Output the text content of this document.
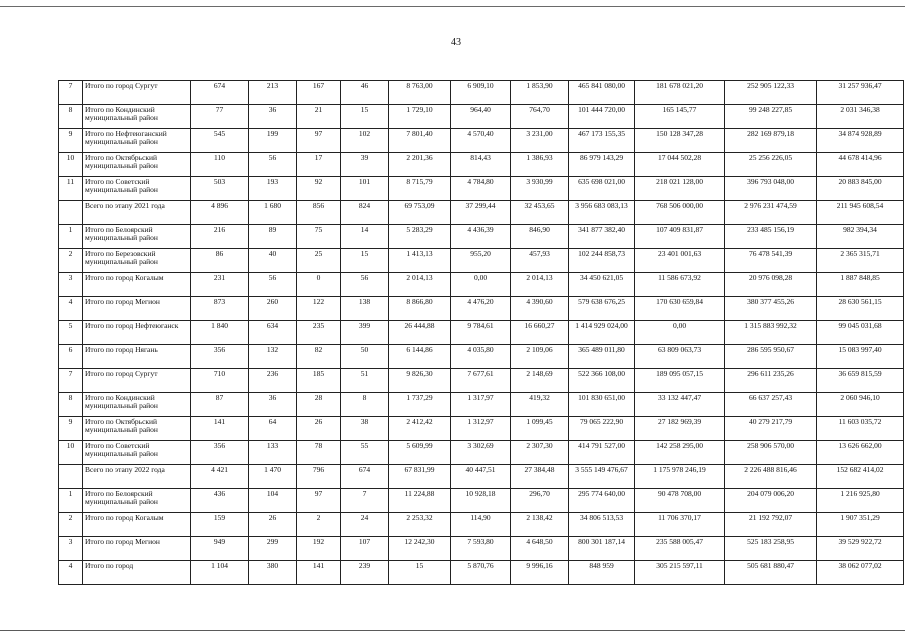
43
7	Итого по город Сургут	674	213	167	46	8 763,00	6 909,10	1 853,90	465 841 080,00	181 678 021,20	252 905 122,33	31 257 936,47
8	Итого по Кондинский муниципальный район	77	36	21	15	1 729,10	964,40	764,70	101 444 720,00	165 145,77	99 248 227,85	2 031 346,38
9	Итого по Нефтеюганский муниципальный район	545	199	97	102	7 801,40	4 570,40	3 231,00	467 173 155,35	150 128 347,28	282 169 879,18	34 874 928,89
10	Итого по Октябрьский муниципальный район	110	56	17	39	2 201,36	814,43	1 386,93	86 979 143,29	17 044 502,28	25 256 226,05	44 678 414,96
11	Итого по Советский муниципальный район	503	193	92	101	8 715,79	4 784,80	3 930,99	635 698 021,00	218 021 128,00	396 793 048,00	20 883 845,00
	Всего по этапу 2021 года	4 896	1 680	856	824	69 753,09	37 299,44	32 453,65	3 956 683 083,13	768 506 000,00	2 976 231 474,59	211 945 608,54
1	Итого по Белоярский муниципальный район	216	89	75	14	5 283,29	4 436,39	846,90	341 877 382,40	107 409 831,87	233 485 156,19	982 394,34
2	Итого по Березовский муниципальный район	86	40	25	15	1 413,13	955,20	457,93	102 244 858,73	23 401 001,63	76 478 541,39	2 365 315,71
3	Итого по город Когалым	231	56	0	56	2 014,13	0,00	2 014,13	34 450 621,05	11 586 673,92	20 976 098,28	1 887 848,85
4	Итого по город Мегион	873	260	122	138	8 866,80	4 476,20	4 390,60	579 638 676,25	170 630 659,84	380 377 455,26	28 630 561,15
5	Итого по город Нефтеюганск	1 840	634	235	399	26 444,88	9 784,61	16 660,27	1 414 929 024,00	0,00	1 315 883 992,32	99 045 031,68
6	Итого по город Нягань	356	132	82	50	6 144,86	4 035,80	2 109,06	365 489 011,80	63 809 063,73	286 595 950,67	15 083 997,40
7	Итого по город Сургут	710	236	185	51	9 826,30	7 677,61	2 148,69	522 366 108,00	189 095 057,15	296 611 235,26	36 659 815,59
8	Итого по Кондинский муниципальный район	87	36	28	8	1 737,29	1 317,97	419,32	101 830 651,00	33 132 447,47	66 637 257,43	2 060 946,10
9	Итого по Октябрьский муниципальный район	141	64	26	38	2 412,42	1 312,97	1 099,45	79 065 222,90	27 182 969,39	40 279 217,79	11 603 035,72
10	Итого по Советский муниципальный район	356	133	78	55	5 609,99	3 302,69	2 307,30	414 791 527,00	142 258 295,00	258 906 570,00	13 626 662,00
	Всего по этапу 2022 года	4 421	1 470	796	674	67 831,99	40 447,51	27 384,48	3 555 149 476,67	1 175 978 246,19	2 226 488 816,46	152 682 414,02
1	Итого по Белоярский муниципальный район	436	104	97	7	11 224,88	10 928,18	296,70	295 774 640,00	90 478 708,00	204 079 006,20	1 216 925,80
2	Итого по город Когалым	159	26	2	24	2 253,32	114,90	2 138,42	34 806 513,53	11 706 370,17	21 192 792,07	1 907 351,29
3	Итого по город Мегион	949	299	192	107	12 242,30	7 593,80	4 648,50	800 301 187,14	235 588 005,47	525 183 258,95	39 529 922,72
4	Итого по город	1 104	380	141	239	15	5 870,76	9 996,16	848 959	305 215 597,11	505 681 880,47	38 062 077,02
